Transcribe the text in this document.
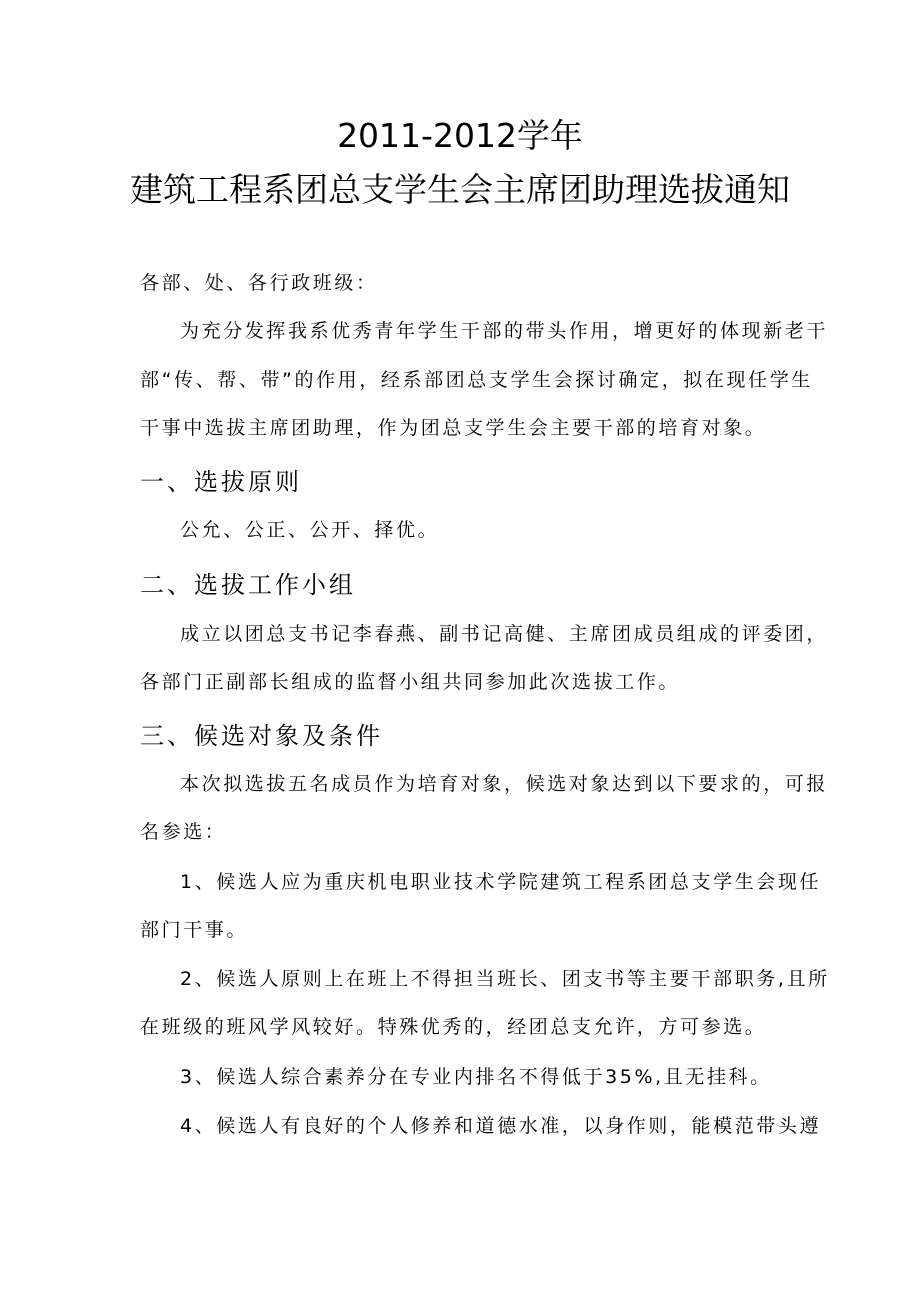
2011-2012学年
建筑工程系团总支学生会主席团助理选拔通知
各部、处、各行政班级：
为充分发挥我系优秀青年学生干部的带头作用，增更好的体现新老干
部“传、帮、带”的作用，经系部团总支学生会探讨确定，拟在现任学生
干事中选拔主席团助理，作为团总支学生会主要干部的培育对象。
一、选拔原则
公允、公正、公开、择优。
二、选拔工作小组
成立以团总支书记李春燕、副书记高健、主席团成员组成的评委团，
各部门正副部长组成的监督小组共同参加此次选拔工作。
三、候选对象及条件
本次拟选拔五名成员作为培育对象，候选对象达到以下要求的，可报
名参选：
1、候选人应为重庆机电职业技术学院建筑工程系团总支学生会现任
部门干事。
2、候选人原则上在班上不得担当班长、团支书等主要干部职务,且所
在班级的班风学风较好。特殊优秀的，经团总支允许，方可参选。
3、候选人综合素养分在专业内排名不得低于35%,且无挂科。
4、候选人有良好的个人修养和道德水准，以身作则，能模范带头遵
